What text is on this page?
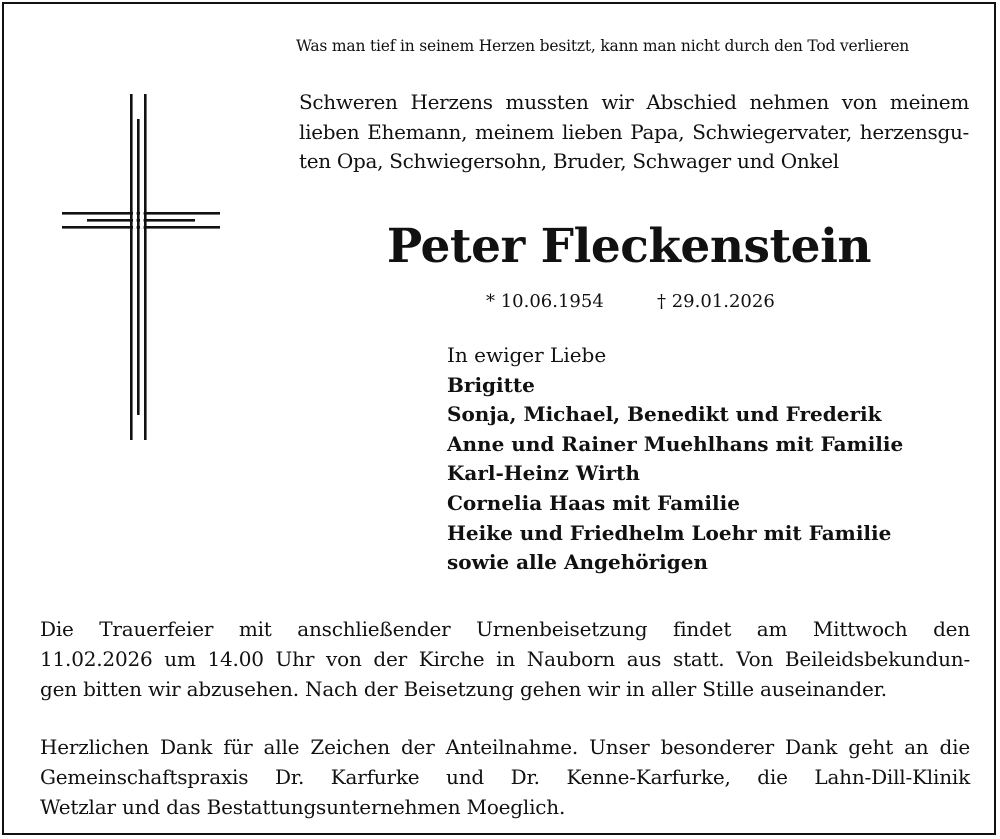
Was man tief in seinem Herzen besitzt, kann man nicht durch den Tod verlieren
Schweren Herzens mussten wir Abschied nehmen von meinem
lieben Ehemann, meinem lieben Papa, Schwiegervater, herzensgu-
ten Opa, Schwiegersohn, Bruder, Schwager und Onkel
Peter Fleckenstein
* 10.06.1954	† 29.01.2026
In ewiger Liebe
Brigitte
Sonja, Michael, Benedikt und Frederik
Anne und Rainer Muehlhans mit Familie
Karl-Heinz Wirth
Cornelia Haas mit Familie
Heike und Friedhelm Loehr mit Familie
sowie alle Angehörigen
Die Trauerfeier mit anschließender Urnenbeisetzung findet am Mittwoch den
11.02.2026 um 14.00 Uhr von der Kirche in Nauborn aus statt. Von Beileidsbekundun-
gen bitten wir abzusehen. Nach der Beisetzung gehen wir in aller Stille auseinander.
Herzlichen Dank für alle Zeichen der Anteilnahme. Unser besonderer Dank geht an die
Gemeinschaftspraxis Dr. Karfurke und Dr. Kenne-Karfurke, die Lahn-Dill-Klinik
Wetzlar und das Bestattungsunternehmen Moeglich.
